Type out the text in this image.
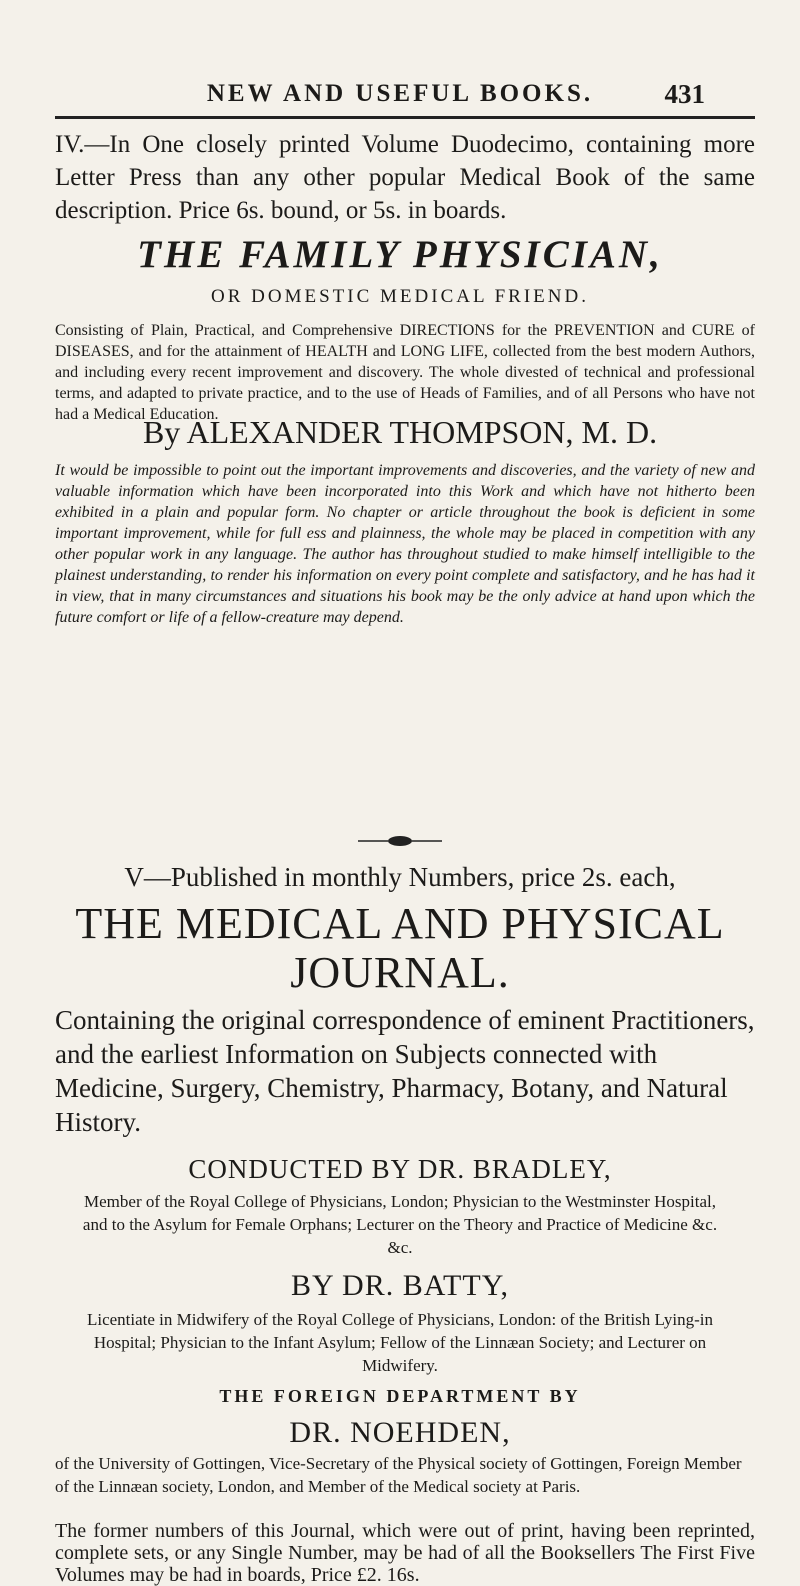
NEW AND USEFUL BOOKS.	431

IV.—In One closely printed Volume Duodecimo, containing more Letter Press than any other popular Medical Book of the same description. Price 6s. bound, or 5s. in boards.

THE FAMILY PHYSICIAN,
OR DOMESTIC MEDICAL FRIEND.

Consisting of Plain, Practical, and Comprehensive DIRECTIONS for the PREVENTION and CURE of DISEASES, and for the attainment of HEALTH and LONG LIFE, collected from the best modern Authors, and including every recent improvement and discovery. The whole divested of technical and professional terms, and adapted to private practice, and to the use of Heads of Families, and of all Persons who have not had a Medical Education.

By ALEXANDER THOMPSON, M. D.

It would be impossible to point out the important improvements and discoveries, and the variety of new and valuable information which have been incorporated into this Work and which have not hitherto been exhibited in a plain and popular form. No chapter or article throughout the book is deficient in some important improvement, while for full ess and plainness, the whole may be placed in competition with any other popular work in any language. The author has throughout studied to make himself intelligible to the plainest understanding, to render his information on every point complete and satisfactory, and he has had it in view, that in many circumstances and situations his book may be the only advice at hand upon which the future comfort or life of a fellow-creature may depend.

V—Published in monthly Numbers, price 2s. each,
THE MEDICAL AND PHYSICAL
JOURNAL.

Containing the original correspondence of eminent Practitioners, and the earliest Information on Subjects connected with Medicine, Surgery, Chemistry, Pharmacy, Botany, and Natural History.

CONDUCTED BY DR. BRADLEY,

Member of the Royal College of Physicians, London; Physician to the Westminster Hospital, and to the Asylum for Female Orphans; Lecturer on the Theory and Practice of Medicine &c. &c.

BY DR. BATTY,

Licentiate in Midwifery of the Royal College of Physicians, London: of the British Lying-in Hospital; Physician to the Infant Asylum; Fellow of the Linnæan Society; and Lecturer on Midwifery.

THE FOREIGN DEPARTMENT BY
DR. NOEHDEN,

of the University of Gottingen, Vice-Secretary of the Physical society of Gottingen, Foreign Member of the Linnæan society, London, and Member of the Medical society at Paris.

The former numbers of this Journal, which were out of print, having been reprinted, complete sets, or any Single Number, may be had of all the Booksellers The First Five Volumes may be had in boards, Price £2. 16s.
